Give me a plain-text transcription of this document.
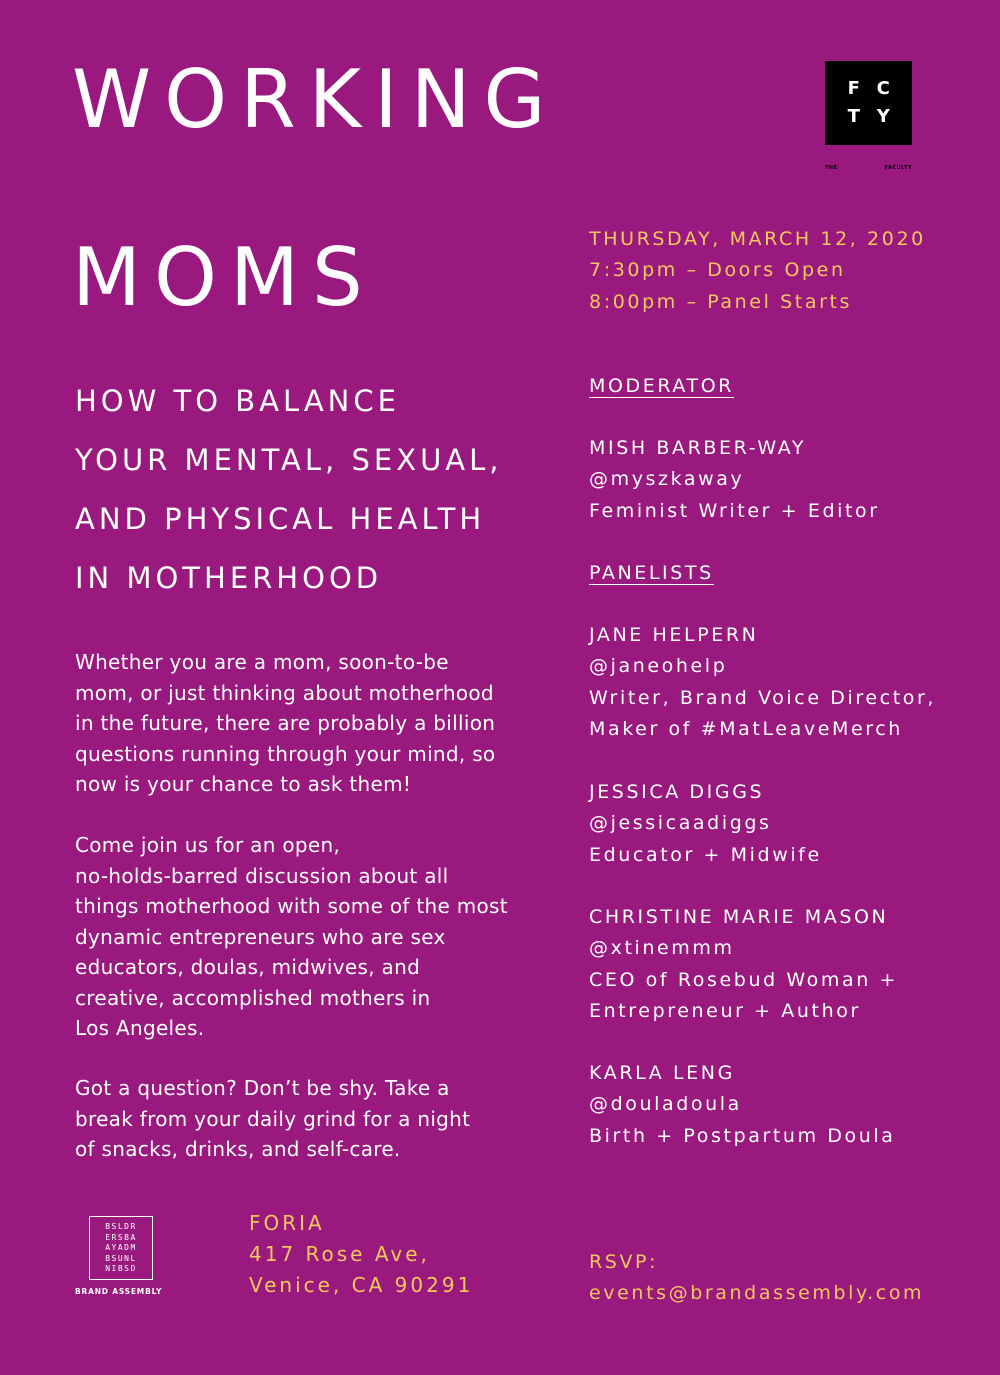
WORKING
MOMS
F C
T Y
THE	FACULTY
THURSDAY, MARCH 12, 2020
7:30pm – Doors Open
8:00pm – Panel Starts
HOW TO BALANCE
YOUR MENTAL, SEXUAL,
AND PHYSICAL HEALTH
IN MOTHERHOOD
Whether you are a mom, soon-to-be
mom, or just thinking about motherhood
in the future, there are probably a billion
questions running through your mind, so
now is your chance to ask them!
Come join us for an open,
no-holds-barred discussion about all
things motherhood with some of the most
dynamic entrepreneurs who are sex
educators, doulas, midwives, and
creative, accomplished mothers in
Los Angeles.
Got a question? Don’t be shy. Take a
break from your daily grind for a night
of snacks, drinks, and self-care.
MODERATOR
MISH BARBER-WAY
@myszkaway
Feminist Writer + Editor
PANELISTS
JANE HELPERN
@janeohelp
Writer, Brand Voice Director,
Maker of #MatLeaveMerch
JESSICA DIGGS
@jessicaadiggs
Educator + Midwife
CHRISTINE MARIE MASON
@xtinemmm
CEO of Rosebud Woman +
Entrepreneur + Author
KARLA LENG
@douladoula
Birth + Postpartum Doula
BSLDR
ERSBA
AYADM
BSUNL
NIBSD
BRAND ASSEMBLY
FORIA
417 Rose Ave,
Venice, CA 90291
RSVP:
events@brandassembly.com
